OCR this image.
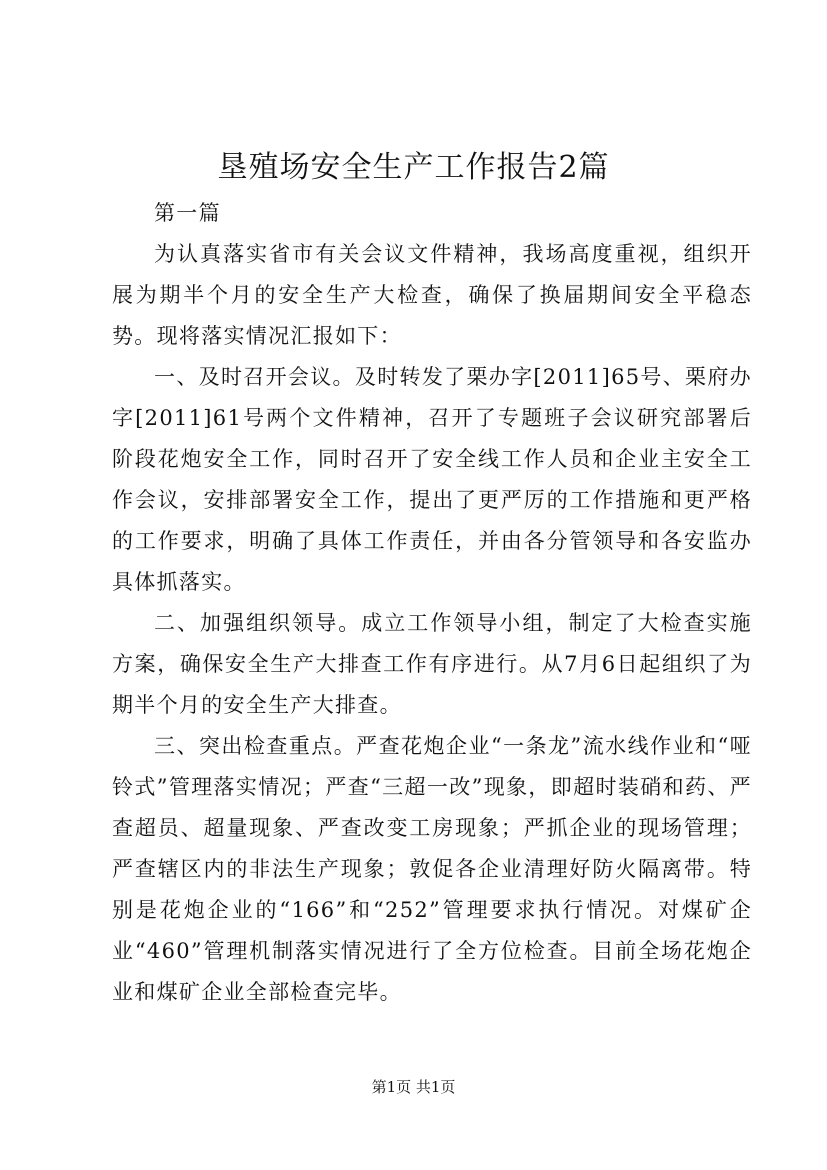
垦殖场安全生产工作报告2篇

第一篇

为认真落实省市有关会议文件精神，我场高度重视，组织开展为期半个月的安全生产大检查，确保了换届期间安全平稳态势。现将落实情况汇报如下：

一、及时召开会议。及时转发了栗办字[2011]65号、栗府办字[2011]61号两个文件精神，召开了专题班子会议研究部署后阶段花炮安全工作，同时召开了安全线工作人员和企业主安全工作会议，安排部署安全工作，提出了更严厉的工作措施和更严格的工作要求，明确了具体工作责任，并由各分管领导和各安监办具体抓落实。

二、加强组织领导。成立工作领导小组，制定了大检查实施方案，确保安全生产大排查工作有序进行。从7月6日起组织了为期半个月的安全生产大排查。

三、突出检查重点。严查花炮企业“一条龙”流水线作业和“哑铃式”管理落实情况；严查“三超一改”现象，即超时装硝和药、严查超员、超量现象、严查改变工房现象；严抓企业的现场管理；严查辖区内的非法生产现象；敦促各企业清理好防火隔离带。特别是花炮企业的“166”和“252”管理要求执行情况。对煤矿企业“460”管理机制落实情况进行了全方位检查。目前全场花炮企业和煤矿企业全部检查完毕。

第1页 共1页
